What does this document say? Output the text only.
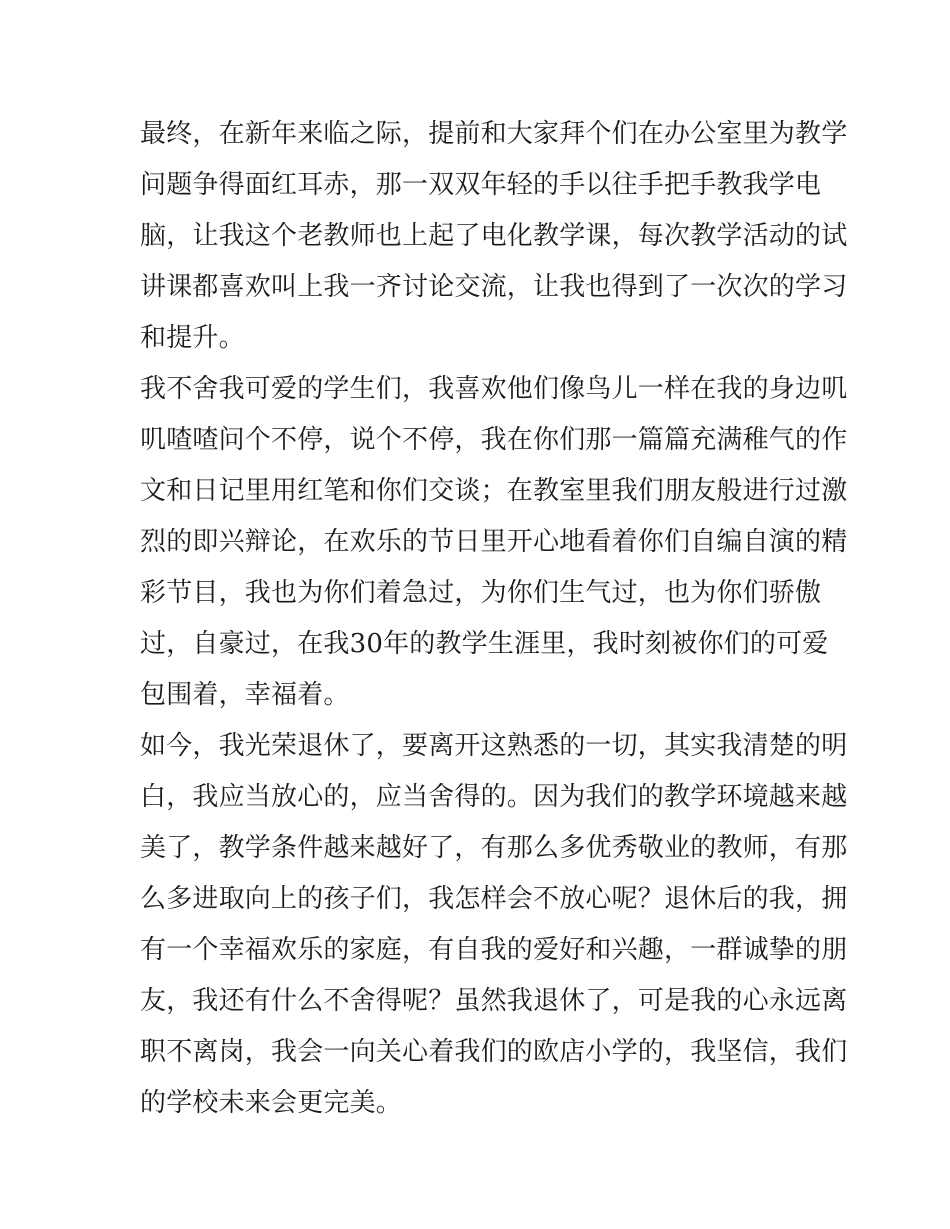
最终，在新年来临之际，提前和大家拜个们在办公室里为教学
问题争得面红耳赤，那一双双年轻的手以往手把手教我学电
脑，让我这个老教师也上起了电化教学课，每次教学活动的试
讲课都喜欢叫上我一齐讨论交流，让我也得到了一次次的学习
和提升。
我不舍我可爱的学生们，我喜欢他们像鸟儿一样在我的身边叽
叽喳喳问个不停，说个不停，我在你们那一篇篇充满稚气的作
文和日记里用红笔和你们交谈；在教室里我们朋友般进行过激
烈的即兴辩论，在欢乐的节日里开心地看着你们自编自演的精
彩节目，我也为你们着急过，为你们生气过，也为你们骄傲
过，自豪过，在我30年的教学生涯里，我时刻被你们的可爱
包围着，幸福着。
如今，我光荣退休了，要离开这熟悉的一切，其实我清楚的明
白，我应当放心的，应当舍得的。因为我们的教学环境越来越
美了，教学条件越来越好了，有那么多优秀敬业的教师，有那
么多进取向上的孩子们，我怎样会不放心呢？退休后的我，拥
有一个幸福欢乐的家庭，有自我的爱好和兴趣，一群诚挚的朋
友，我还有什么不舍得呢？虽然我退休了，可是我的心永远离
职不离岗，我会一向关心着我们的欧店小学的，我坚信，我们
的学校未来会更完美。
